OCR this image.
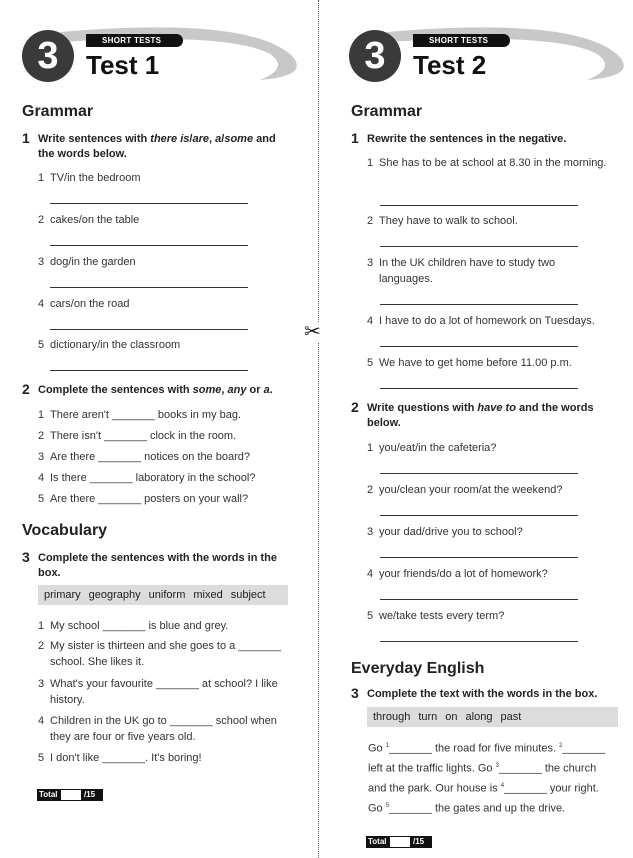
✂
3	SHORT TESTS
Test 1
Grammar
1 Write sentences with there is/are, a/some and the words below.
1 TV/in the bedroom
2 cakes/on the table
3 dog/in the garden
4 cars/on the road
5 dictionary/in the classroom
2 Complete the sentences with some, any or a.
1 There aren't _______ books in my bag.
2 There isn't _______ clock in the room.
3 Are there _______ notices on the board?
4 Is there _______ laboratory in the school?
5 Are there _______ posters on your wall?
Vocabulary
3 Complete the sentences with the words in the box.
primary geography uniform mixed subject
1 My school _______ is blue and grey.
2 My sister is thirteen and she goes to a _______ school. She likes it.
3 What's your favourite _______ at school? I like history.
4 Children in the UK go to _______ school when they are four or five years old.
5 I don't like _______. It's boring!
Total	/15
3	SHORT TESTS
Test 2
Grammar
1 Rewrite the sentences in the negative.
1 She has to be at school at 8.30 in the morning.
2 They have to walk to school.
3 In the UK children have to study two languages.
4 I have to do a lot of homework on Tuesdays.
5 We have to get home before 11.00 p.m.
2 Write questions with have to and the words below.
1 you/eat/in the cafeteria?
2 you/clean your room/at the weekend?
3 your dad/drive you to school?
4 your friends/do a lot of homework?
5 we/take tests every term?
Everyday English
3 Complete the text with the words in the box.
through turn on along past
Go $^1$_______ the road for five minutes. $^2$_______
left at the traffic lights. Go $^3$_______ the church
and the park. Our house is $^4$_______ your right.
Go $^5$_______ the gates and up the drive.
Total	/15
